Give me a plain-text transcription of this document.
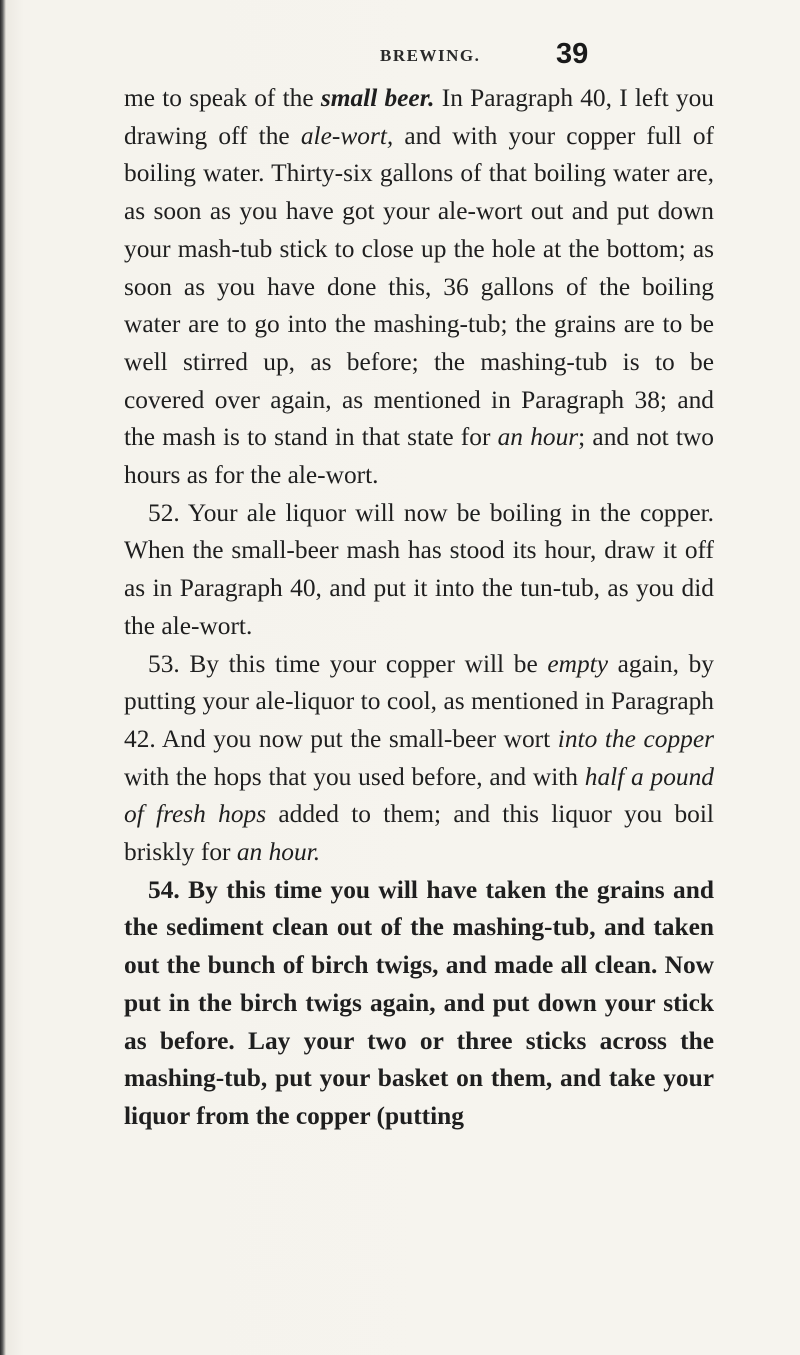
BREWING.	39

me to speak of the small beer. In Paragraph 40, I left you drawing off the ale-wort, and with your copper full of boiling water. Thirty-six gallons of that boiling water are, as soon as you have got your ale-wort out and put down your mash-tub stick to close up the hole at the bottom; as soon as you have done this, 36 gallons of the boiling water are to go into the mashing-tub; the grains are to be well stirred up, as before; the mashing-tub is to be covered over again, as mentioned in Paragraph 38; and the mash is to stand in that state for an hour; and not two hours as for the ale-wort.

52. Your ale liquor will now be boiling in the copper. When the small-beer mash has stood its hour, draw it off as in Paragraph 40, and put it into the tun-tub, as you did the ale-wort.

53. By this time your copper will be empty again, by putting your ale-liquor to cool, as mentioned in Paragraph 42. And you now put the small-beer wort into the copper with the hops that you used before, and with half a pound of fresh hops added to them; and this liquor you boil briskly for an hour.

54. By this time you will have taken the grains and the sediment clean out of the mashing-tub, and taken out the bunch of birch twigs, and made all clean. Now put in the birch twigs again, and put down your stick as before. Lay your two or three sticks across the mashing-tub, put your basket on them, and take your liquor from the copper (putting
